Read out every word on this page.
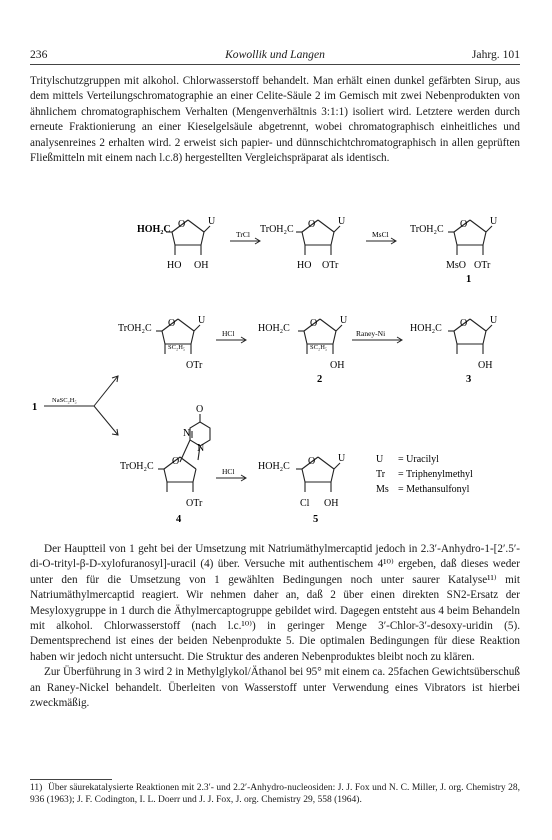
236	Kowollik und Langen	Jahrg. 101

Tritylschutzgruppen mit alkohol. Chlorwasserstoff behandelt. Man erhält einen dunkel gefärbten Sirup, aus dem mittels Verteilungschromatographie an einer Celite-Säule 2 im Gemisch mit zwei Nebenprodukten von ähnlichem chromatographischem Verhalten (Mengenverhältnis 3:1:1) isoliert wird. Letztere werden durch erneute Fraktionierung an einer Kieselgelsäule abgetrennt, wobei chromatographisch einheitliches und analysenreines 2 erhalten wird. 2 erweist sich papier- und dünnschichtchromatographisch in allen geprüften Fließmitteln mit einem nach l.c.8) hergestellten Vergleichspräparat als identisch.

O U
HOH₂C
HO OH
TrCl
O U
TrOH₂C
HO OTr
MsCl
O U
TrOH₂C
MsO OTr
1
O U
TrOH₂C
SC₂H₅
OTr
HCl
O U
HOH₂C
SC₂H₅
OH
2
Raney-Ni
O U
HOH₂C
OH
3
1
NaSC₂H₅
O
N
N
O
TrOH₂C
OTr
4
HCl
O U
HOH₂C
Cl OH
5
U = Uracilyl
Tr = Triphenylmethyl
Ms = Methansulfonyl

Der Hauptteil von 1 geht bei der Umsetzung mit Natriumäthylmercaptid jedoch in 2.3′-Anhydro-1-[2′.5′-di-O-trityl-β-D-xylofuranosyl]-uracil (4) über. Versuche mit authentischem 4¹⁰⁾ ergeben, daß dieses weder unter den für die Umsetzung von 1 gewählten Bedingungen noch unter saurer Katalyse¹¹⁾ mit Natriumäthylmercaptid reagiert. Wir nehmen daher an, daß 2 über einen direkten SN2-Ersatz der Mesyloxygruppe in 1 durch die Äthylmercaptogruppe gebildet wird. Dagegen entsteht aus 4 beim Behandeln mit alkohol. Chlorwasserstoff (nach l.c.¹⁰⁾) in geringer Menge 3′-Chlor-3′-desoxy-uridin (5). Dementsprechend ist eines der beiden Nebenprodukte 5. Die optimalen Bedingungen für diese Reaktion haben wir jedoch nicht untersucht. Die Struktur des anderen Nebenproduktes bleibt noch zu klären.

Zur Überführung in 3 wird 2 in Methylglykol/Äthanol bei 95° mit einem ca. 25fachen Gewichtsüberschuß an Raney-Nickel behandelt. Überleiten von Wasserstoff unter Verwendung eines Vibrators ist hierbei zweckmäßig.

11) Über säurekatalysierte Reaktionen mit 2.3′- und 2.2′-Anhydro-nucleosiden: J. J. Fox und N. C. Miller, J. org. Chemistry 28, 936 (1963); J. F. Codington, I. L. Doerr und J. J. Fox, J. org. Chemistry 29, 558 (1964).
